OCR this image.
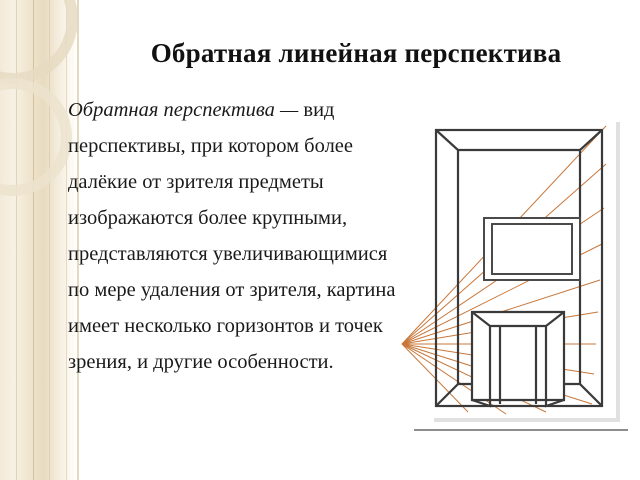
Обратная линейная перспектива
Обратная перспектива — вид перспективы, при котором более далёкие от зрителя предметы изображаются более крупными, представляются увеличивающимися по мере удаления от зрителя, картина имеет несколько горизонтов и точек зрения, и другие особенности.
